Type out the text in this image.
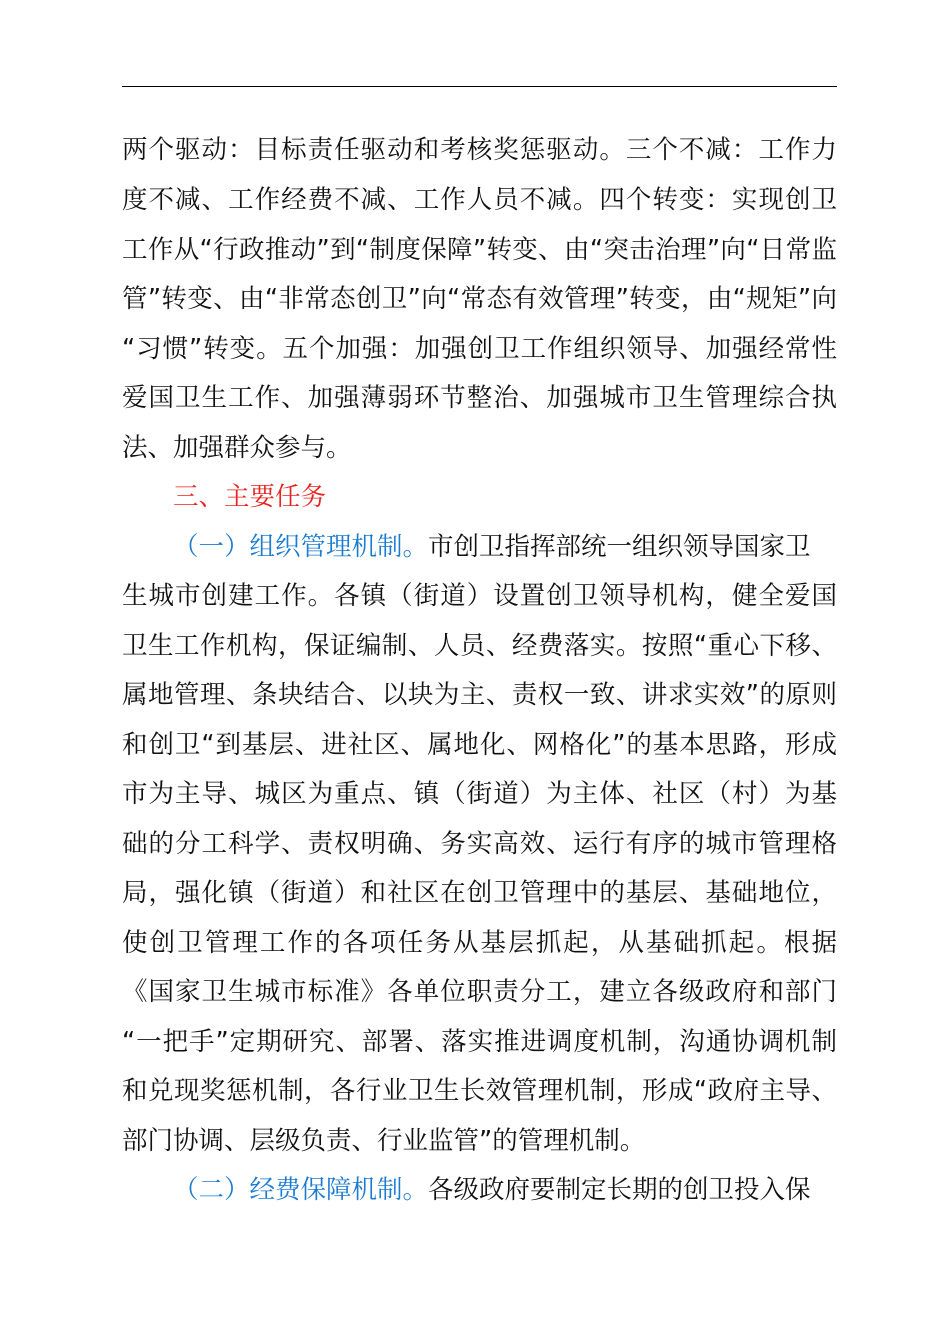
两个驱动：目标责任驱动和考核奖惩驱动。三个不减：工作力
度不减、工作经费不减、工作人员不减。四个转变：实现创卫
工作从“行政推动”到“制度保障”转变、由“突击治理”向“日常监
管”转变、由“非常态创卫”向“常态有效管理”转变，由“规矩”向
“习惯”转变。五个加强：加强创卫工作组织领导、加强经常性
爱国卫生工作、加强薄弱环节整治、加强城市卫生管理综合执
法、加强群众参与。
三、主要任务
（一）组织管理机制。市创卫指挥部统一组织领导国家卫
生城市创建工作。各镇（街道）设置创卫领导机构，健全爱国
卫生工作机构，保证编制、人员、经费落实。按照“重心下移、
属地管理、条块结合、以块为主、责权一致、讲求实效”的原则
和创卫“到基层、进社区、属地化、网格化”的基本思路，形成
市为主导、城区为重点、镇（街道）为主体、社区（村）为基
础的分工科学、责权明确、务实高效、运行有序的城市管理格
局，强化镇（街道）和社区在创卫管理中的基层、基础地位，
使创卫管理工作的各项任务从基层抓起，从基础抓起。根据
《国家卫生城市标准》各单位职责分工，建立各级政府和部门
“一把手”定期研究、部署、落实推进调度机制，沟通协调机制
和兑现奖惩机制，各行业卫生长效管理机制，形成“政府主导、
部门协调、层级负责、行业监管”的管理机制。
（二）经费保障机制。各级政府要制定长期的创卫投入保
